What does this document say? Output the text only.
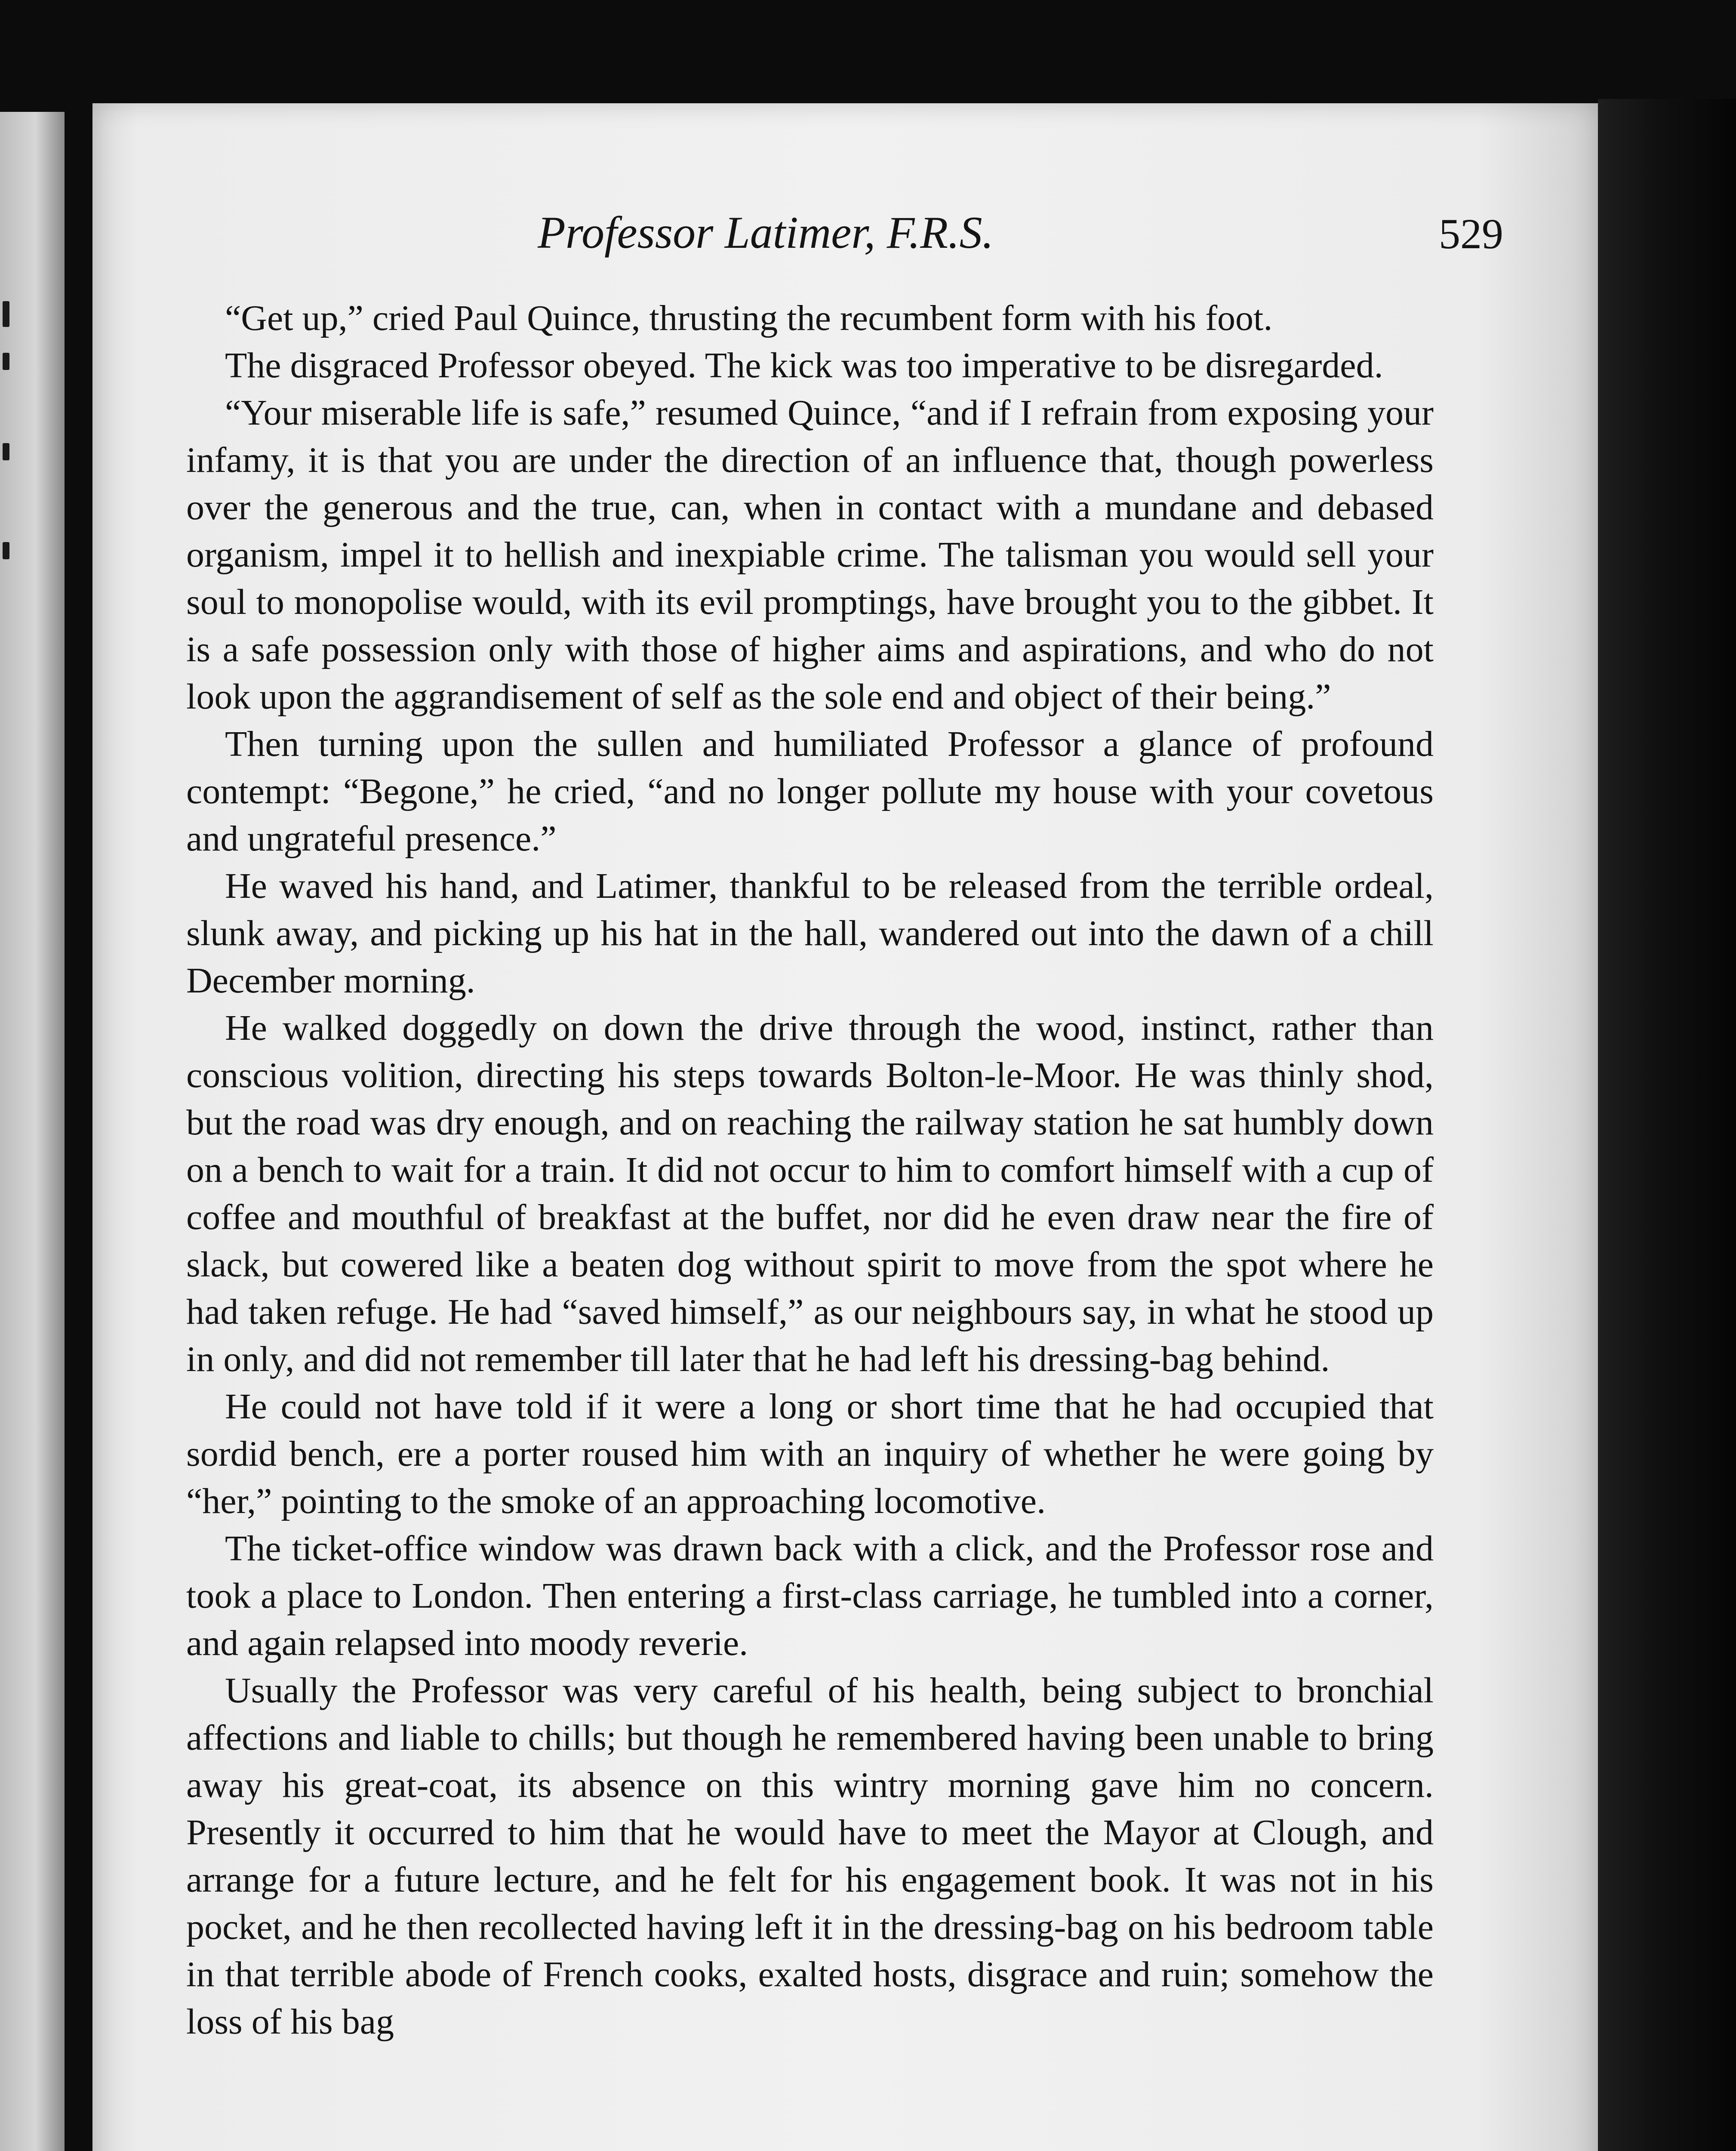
Professor Latimer, F.R.S.	529

“Get up,” cried Paul Quince, thrusting the recumbent form with his foot.

The disgraced Professor obeyed. The kick was too imperative to be disregarded.

“Your miserable life is safe,” resumed Quince, “and if I refrain from exposing your infamy, it is that you are under the direction of an influence that, though powerless over the generous and the true, can, when in contact with a mundane and debased organism, impel it to hellish and inexpiable crime. The talisman you would sell your soul to monopolise would, with its evil promptings, have brought you to the gibbet. It is a safe possession only with those of higher aims and aspirations, and who do not look upon the aggrandisement of self as the sole end and object of their being.”

Then turning upon the sullen and humiliated Professor a glance of profound contempt: “Begone,” he cried, “and no longer pollute my house with your covetous and ungrateful presence.”

He waved his hand, and Latimer, thankful to be released from the terrible ordeal, slunk away, and picking up his hat in the hall, wandered out into the dawn of a chill December morning.

He walked doggedly on down the drive through the wood, instinct, rather than conscious volition, directing his steps towards Bolton-le-Moor. He was thinly shod, but the road was dry enough, and on reaching the railway station he sat humbly down on a bench to wait for a train. It did not occur to him to comfort himself with a cup of coffee and mouthful of breakfast at the buffet, nor did he even draw near the fire of slack, but cowered like a beaten dog without spirit to move from the spot where he had taken refuge. He had “saved himself,” as our neighbours say, in what he stood up in only, and did not remember till later that he had left his dressing-bag behind.

He could not have told if it were a long or short time that he had occupied that sordid bench, ere a porter roused him with an inquiry of whether he were going by “her,” pointing to the smoke of an approaching locomotive.

The ticket-office window was drawn back with a click, and the Professor rose and took a place to London. Then entering a first-class carriage, he tumbled into a corner, and again relapsed into moody reverie.

Usually the Professor was very careful of his health, being subject to bronchial affections and liable to chills; but though he remembered having been unable to bring away his great-coat, its absence on this wintry morning gave him no concern. Presently it occurred to him that he would have to meet the Mayor at Clough, and arrange for a future lecture, and he felt for his engagement book. It was not in his pocket, and he then recollected having left it in the dressing-bag on his bedroom table in that terrible abode of French cooks, exalted hosts, disgrace and ruin; somehow the loss of his bag
